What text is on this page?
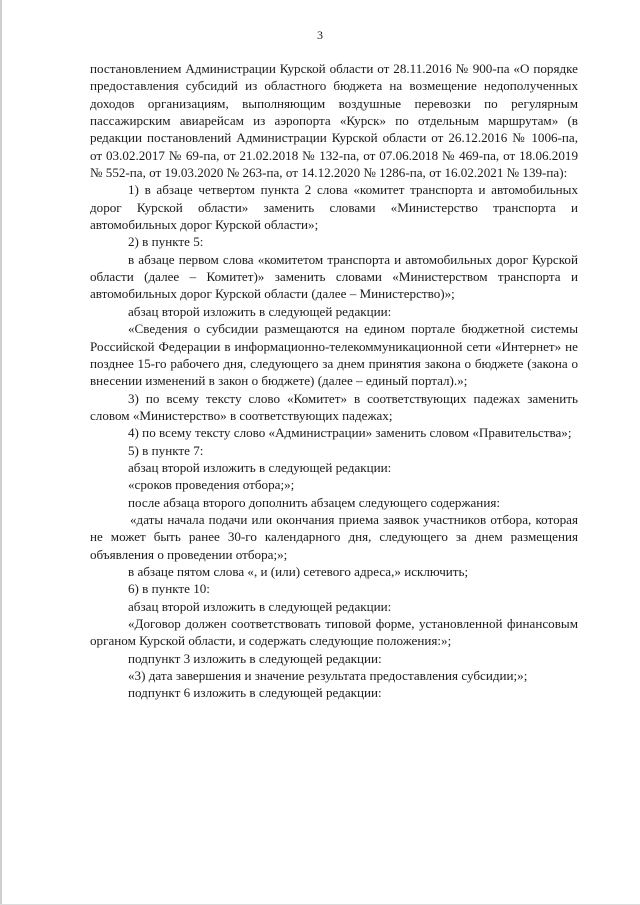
3

постановлением Администрации Курской области от 28.11.2016 № 900-па «О порядке предоставления субсидий из областного бюджета на возмещение недополученных доходов организациям, выполняющим воздушные перевозки по регулярным пассажирским авиарейсам из аэропорта «Курск» по отдельным маршрутам» (в редакции постановлений Администрации Курской области от 26.12.2016 № 1006-па, от 03.02.2017 № 69-па, от 21.02.2018 № 132-па, от 07.06.2018 № 469-па, от 18.06.2019 № 552-па, от 19.03.2020 № 263-па, от 14.12.2020 № 1286-па, от 16.02.2021 № 139-па):

1) в абзаце четвертом пункта 2 слова «комитет транспорта и автомобильных дорог Курской области» заменить словами «Министерство транспорта и автомобильных дорог Курской области»;

2) в пункте 5:

в абзаце первом слова «комитетом транспорта и автомобильных дорог Курской области (далее – Комитет)» заменить словами «Министерством транспорта и автомобильных дорог Курской области (далее – Министерство)»;

абзац второй изложить в следующей редакции:

«Сведения о субсидии размещаются на едином портале бюджетной системы Российской Федерации в информационно-телекоммуникационной сети «Интернет» не позднее 15-го рабочего дня, следующего за днем принятия закона о бюджете (закона о внесении изменений в закон о бюджете) (далее – единый портал).»;

3) по всему тексту слово «Комитет» в соответствующих падежах заменить словом «Министерство» в соответствующих падежах;

4) по всему тексту слово «Администрации» заменить словом «Правительства»;

5) в пункте 7:

абзац второй изложить в следующей редакции:

«сроков проведения отбора;»;

после абзаца второго дополнить абзацем следующего содержания:

«даты начала подачи или окончания приема заявок участников отбора, которая не может быть ранее 30-го календарного дня, следующего за днем размещения объявления о проведении отбора;»;

в абзаце пятом слова «, и (или) сетевого адреса,» исключить;

6) в пункте 10:

абзац второй изложить в следующей редакции:

«Договор должен соответствовать типовой форме, установленной финансовым органом Курской области, и содержать следующие положения:»;

подпункт 3 изложить в следующей редакции:

«3) дата завершения и значение результата предоставления субсидии;»;

подпункт 6 изложить в следующей редакции:
